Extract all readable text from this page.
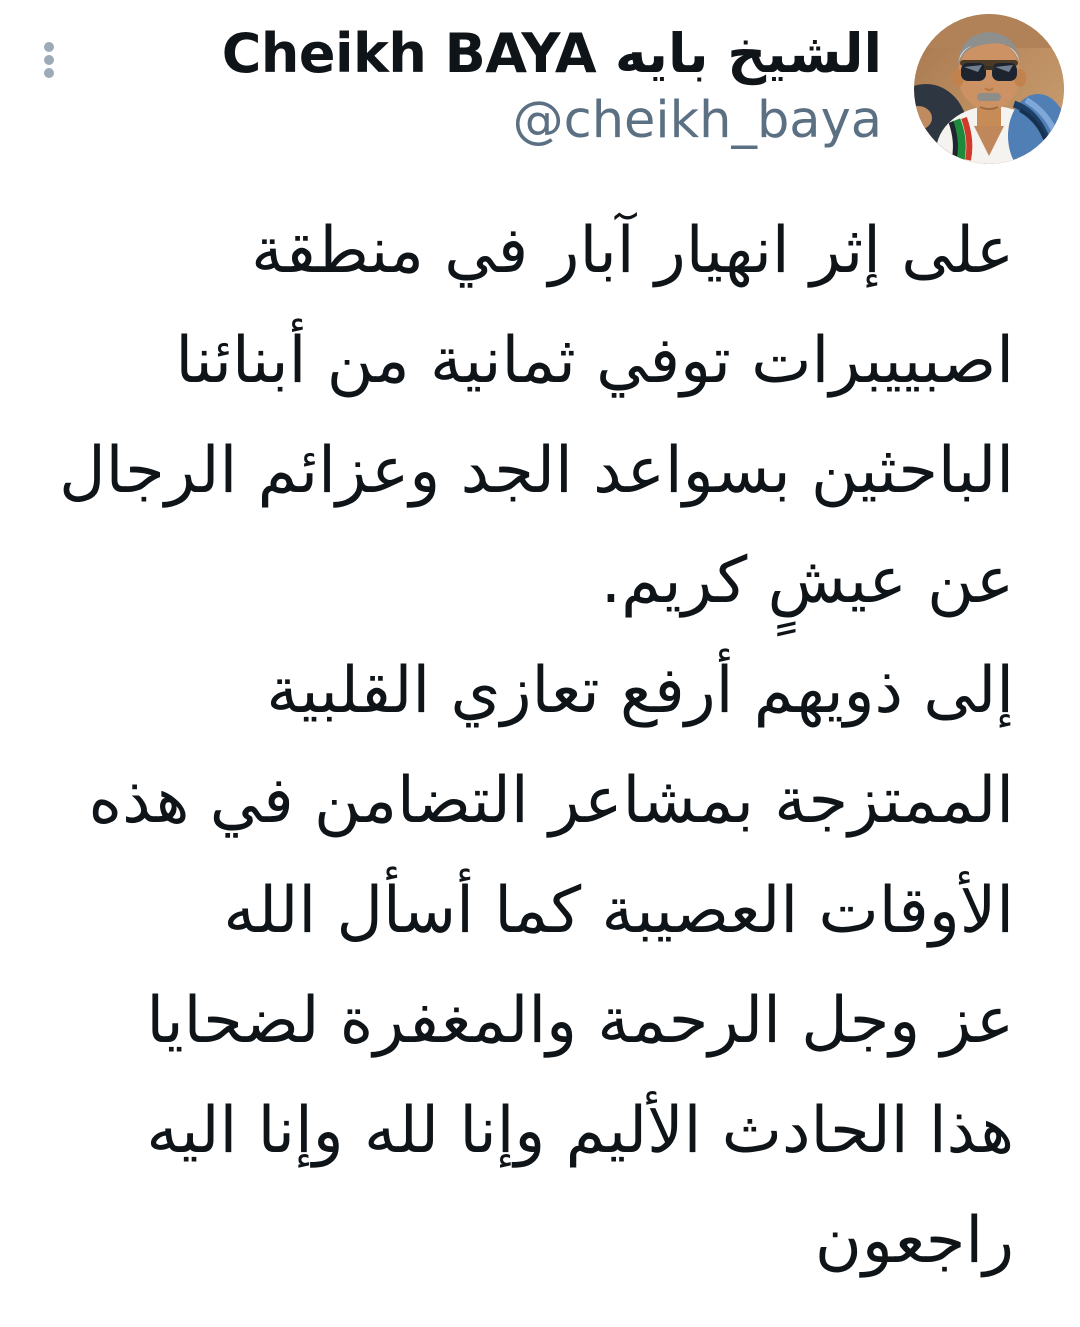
الشيخ بايه Cheikh BAYA
@cheikh_baya
على إثر انهيار آبار في منطقة
اصبييبرات توفي ثمانية من أبنائنا
الباحثين بسواعد الجد وعزائم الرجال
عن عيشٍ كريم.
إلى ذويهم أرفع تعازي القلبية
الممتزجة بمشاعر التضامن في هذه
الأوقات العصيبة كما أسأل الله
عز وجل الرحمة والمغفرة لضحايا
هذا الحادث الأليم وإنا لله وإنا اليه
راجعون
